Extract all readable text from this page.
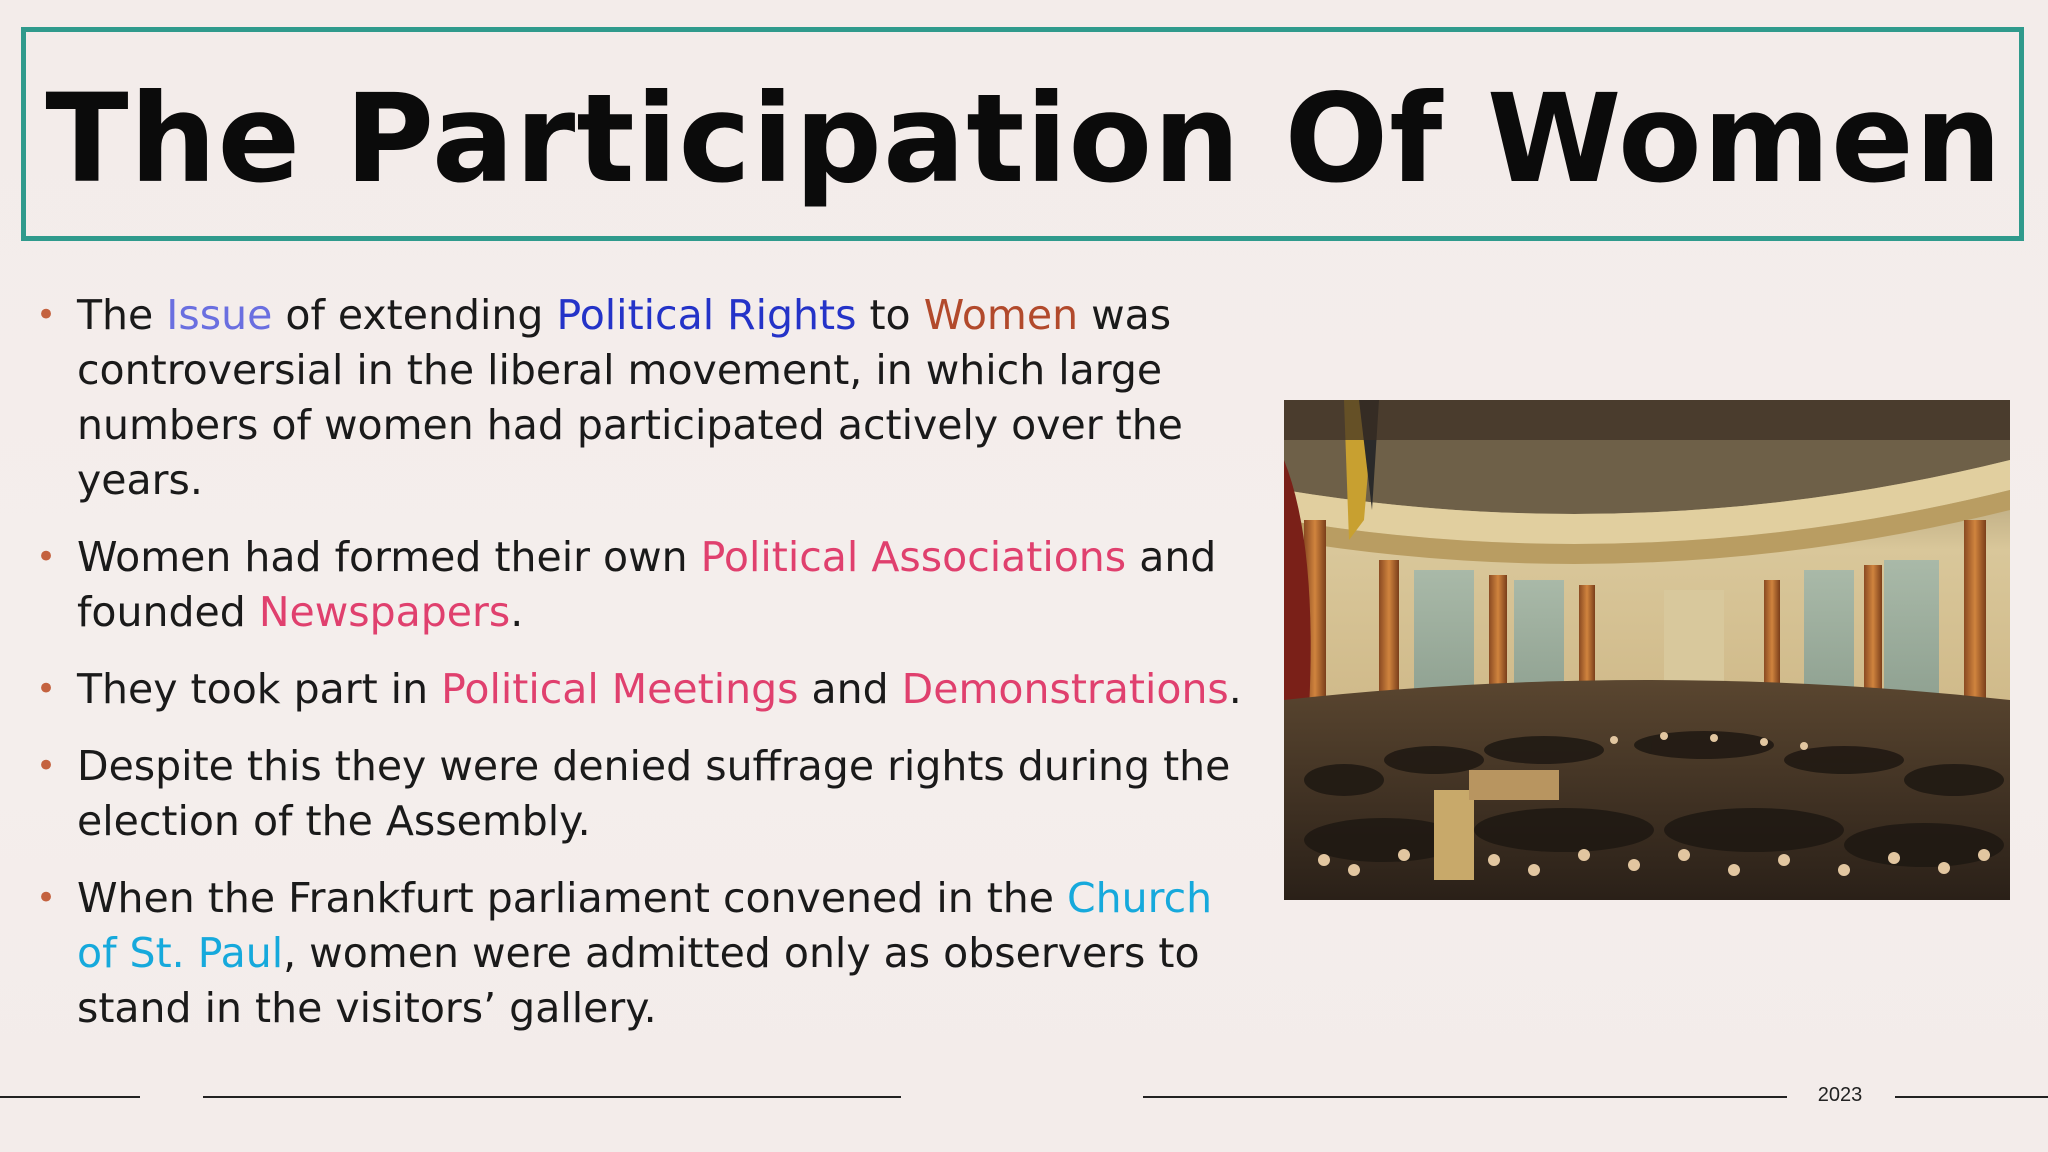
The Participation Of Women
• The Issue of extending Political Rights to Women was controversial in the liberal movement, in which large numbers of women had participated actively over the years.
• Women had formed their own Political Associations and founded Newspapers.
• They took part in Political Meetings and Demonstrations.
• Despite this they were denied suffrage rights during the election of the Assembly.
• When the Frankfurt parliament convened in the Church of St. Paul, women were admitted only as observers to stand in the visitors’ gallery.
2023
